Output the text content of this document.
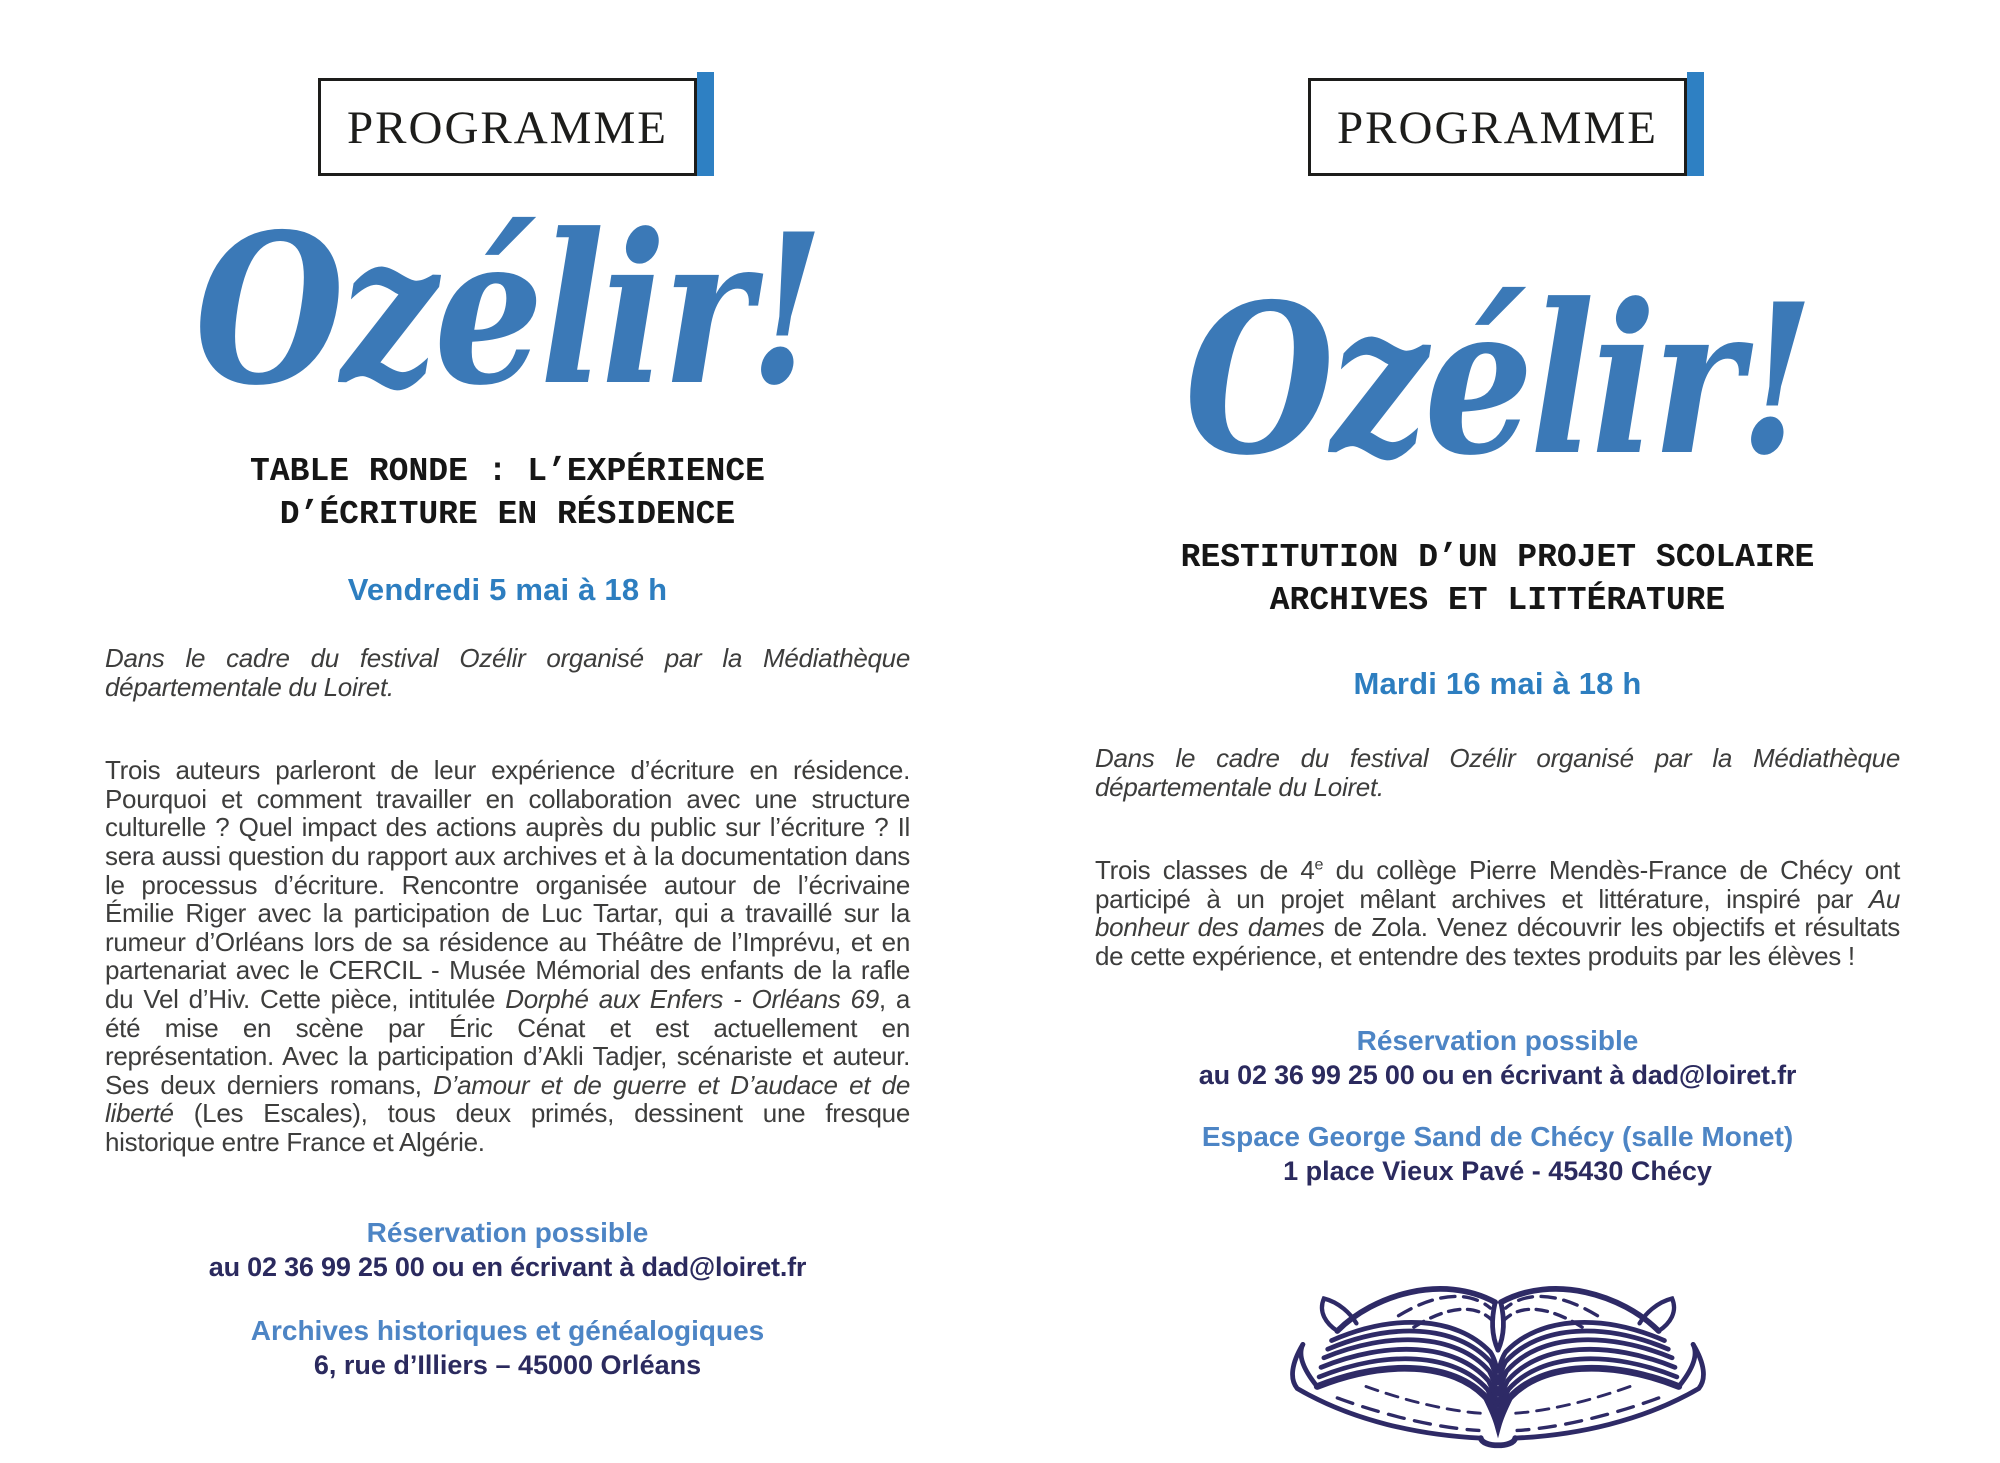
PROGRAMME
Ozélir!
TABLE RONDE : L’EXPÉRIENCE
D’ÉCRITURE EN RÉSIDENCE
Vendredi 5 mai à 18 h

Dans le cadre du festival Ozélir organisé par la Médiathèque départementale du Loiret.

Trois auteurs parleront de leur expérience d’écriture en résidence. Pourquoi et comment travailler en collaboration avec une structure culturelle ? Quel impact des actions auprès du public sur l’écriture ? Il sera aussi question du rapport aux archives et à la documentation dans le processus d’écriture. Rencontre organisée autour de l’écrivaine Émilie Riger avec la participation de Luc Tartar, qui a travaillé sur la rumeur d’Orléans lors de sa résidence au Théâtre de l’Imprévu, et en partenariat avec le CERCIL - Musée Mémorial des enfants de la rafle du Vel d’Hiv. Cette pièce, intitulée Dorphé aux Enfers - Orléans 69, a été mise en scène par Éric Cénat et est actuellement en représentation. Avec la participation d’Akli Tadjer, scénariste et auteur. Ses deux derniers romans, D’amour et de guerre et D’audace et de liberté (Les Escales), tous deux primés, dessinent une fresque historique entre France et Algérie.

Réservation possible
au 02 36 99 25 00 ou en écrivant à dad@loiret.fr
Archives historiques et généalogiques
6, rue d’Illiers – 45000 Orléans
PROGRAMME
Ozélir!
RESTITUTION D’UN PROJET SCOLAIRE
ARCHIVES ET LITTÉRATURE
Mardi 16 mai à 18 h

Dans le cadre du festival Ozélir organisé par la Médiathèque départementale du Loiret.

Trois classes de 4e du collège Pierre Mendès-France de Chécy ont participé à un projet mêlant archives et littérature, inspiré par Au bonheur des dames de Zola. Venez découvrir les objectifs et résultats de cette expérience, et entendre des textes produits par les élèves !

Réservation possible
au 02 36 99 25 00 ou en écrivant à dad@loiret.fr
Espace George Sand de Chécy (salle Monet)
1 place Vieux Pavé - 45430 Chécy
